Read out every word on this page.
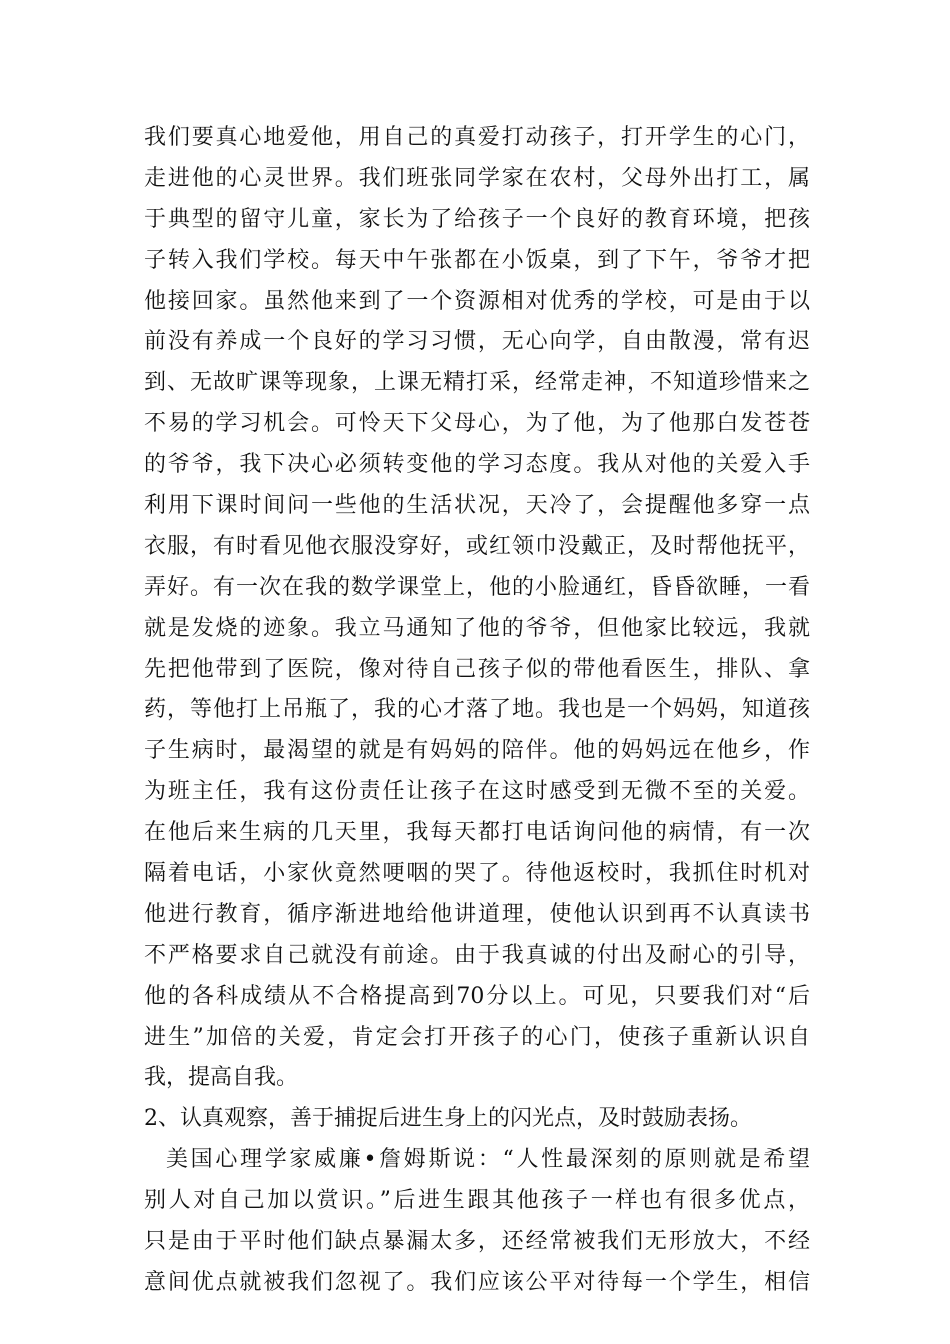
我们要真心地爱他，用自己的真爱打动孩子，打开学生的心门，
走进他的心灵世界。我们班张同学家在农村，父母外出打工，属
于典型的留守儿童，家长为了给孩子一个良好的教育环境，把孩
子转入我们学校。每天中午张都在小饭桌，到了下午，爷爷才把
他接回家。虽然他来到了一个资源相对优秀的学校，可是由于以
前没有养成一个良好的学习习惯，无心向学，自由散漫，常有迟
到、无故旷课等现象，上课无精打采，经常走神，不知道珍惜来之
不易的学习机会。可怜天下父母心，为了他，为了他那白发苍苍
的爷爷，我下决心必须转变他的学习态度。我从对他的关爱入手
利用下课时间问一些他的生活状况，天冷了，会提醒他多穿一点
衣服，有时看见他衣服没穿好，或红领巾没戴正，及时帮他抚平，
弄好。有一次在我的数学课堂上，他的小脸通红，昏昏欲睡，一看
就是发烧的迹象。我立马通知了他的爷爷，但他家比较远，我就
先把他带到了医院，像对待自己孩子似的带他看医生，排队、拿
药，等他打上吊瓶了，我的心才落了地。我也是一个妈妈，知道孩
子生病时，最渴望的就是有妈妈的陪伴。他的妈妈远在他乡，作
为班主任，我有这份责任让孩子在这时感受到无微不至的关爱。
在他后来生病的几天里，我每天都打电话询问他的病情，有一次
隔着电话，小家伙竟然哽咽的哭了。待他返校时，我抓住时机对
他进行教育，循序渐进地给他讲道理，使他认识到再不认真读书
不严格要求自己就没有前途。由于我真诚的付出及耐心的引导，
他的各科成绩从不合格提高到70分以上。可见，只要我们对“后
进生”加倍的关爱，肯定会打开孩子的心门，使孩子重新认识自
我，提高自我。
2、认真观察，善于捕捉后进生身上的闪光点，及时鼓励表扬。
美国心理学家威廉•詹姆斯说：“人性最深刻的原则就是希望
别人对自己加以赏识。”后进生跟其他孩子一样也有很多优点，
只是由于平时他们缺点暴漏太多，还经常被我们无形放大，不经
意间优点就被我们忽视了。我们应该公平对待每一个学生，相信
